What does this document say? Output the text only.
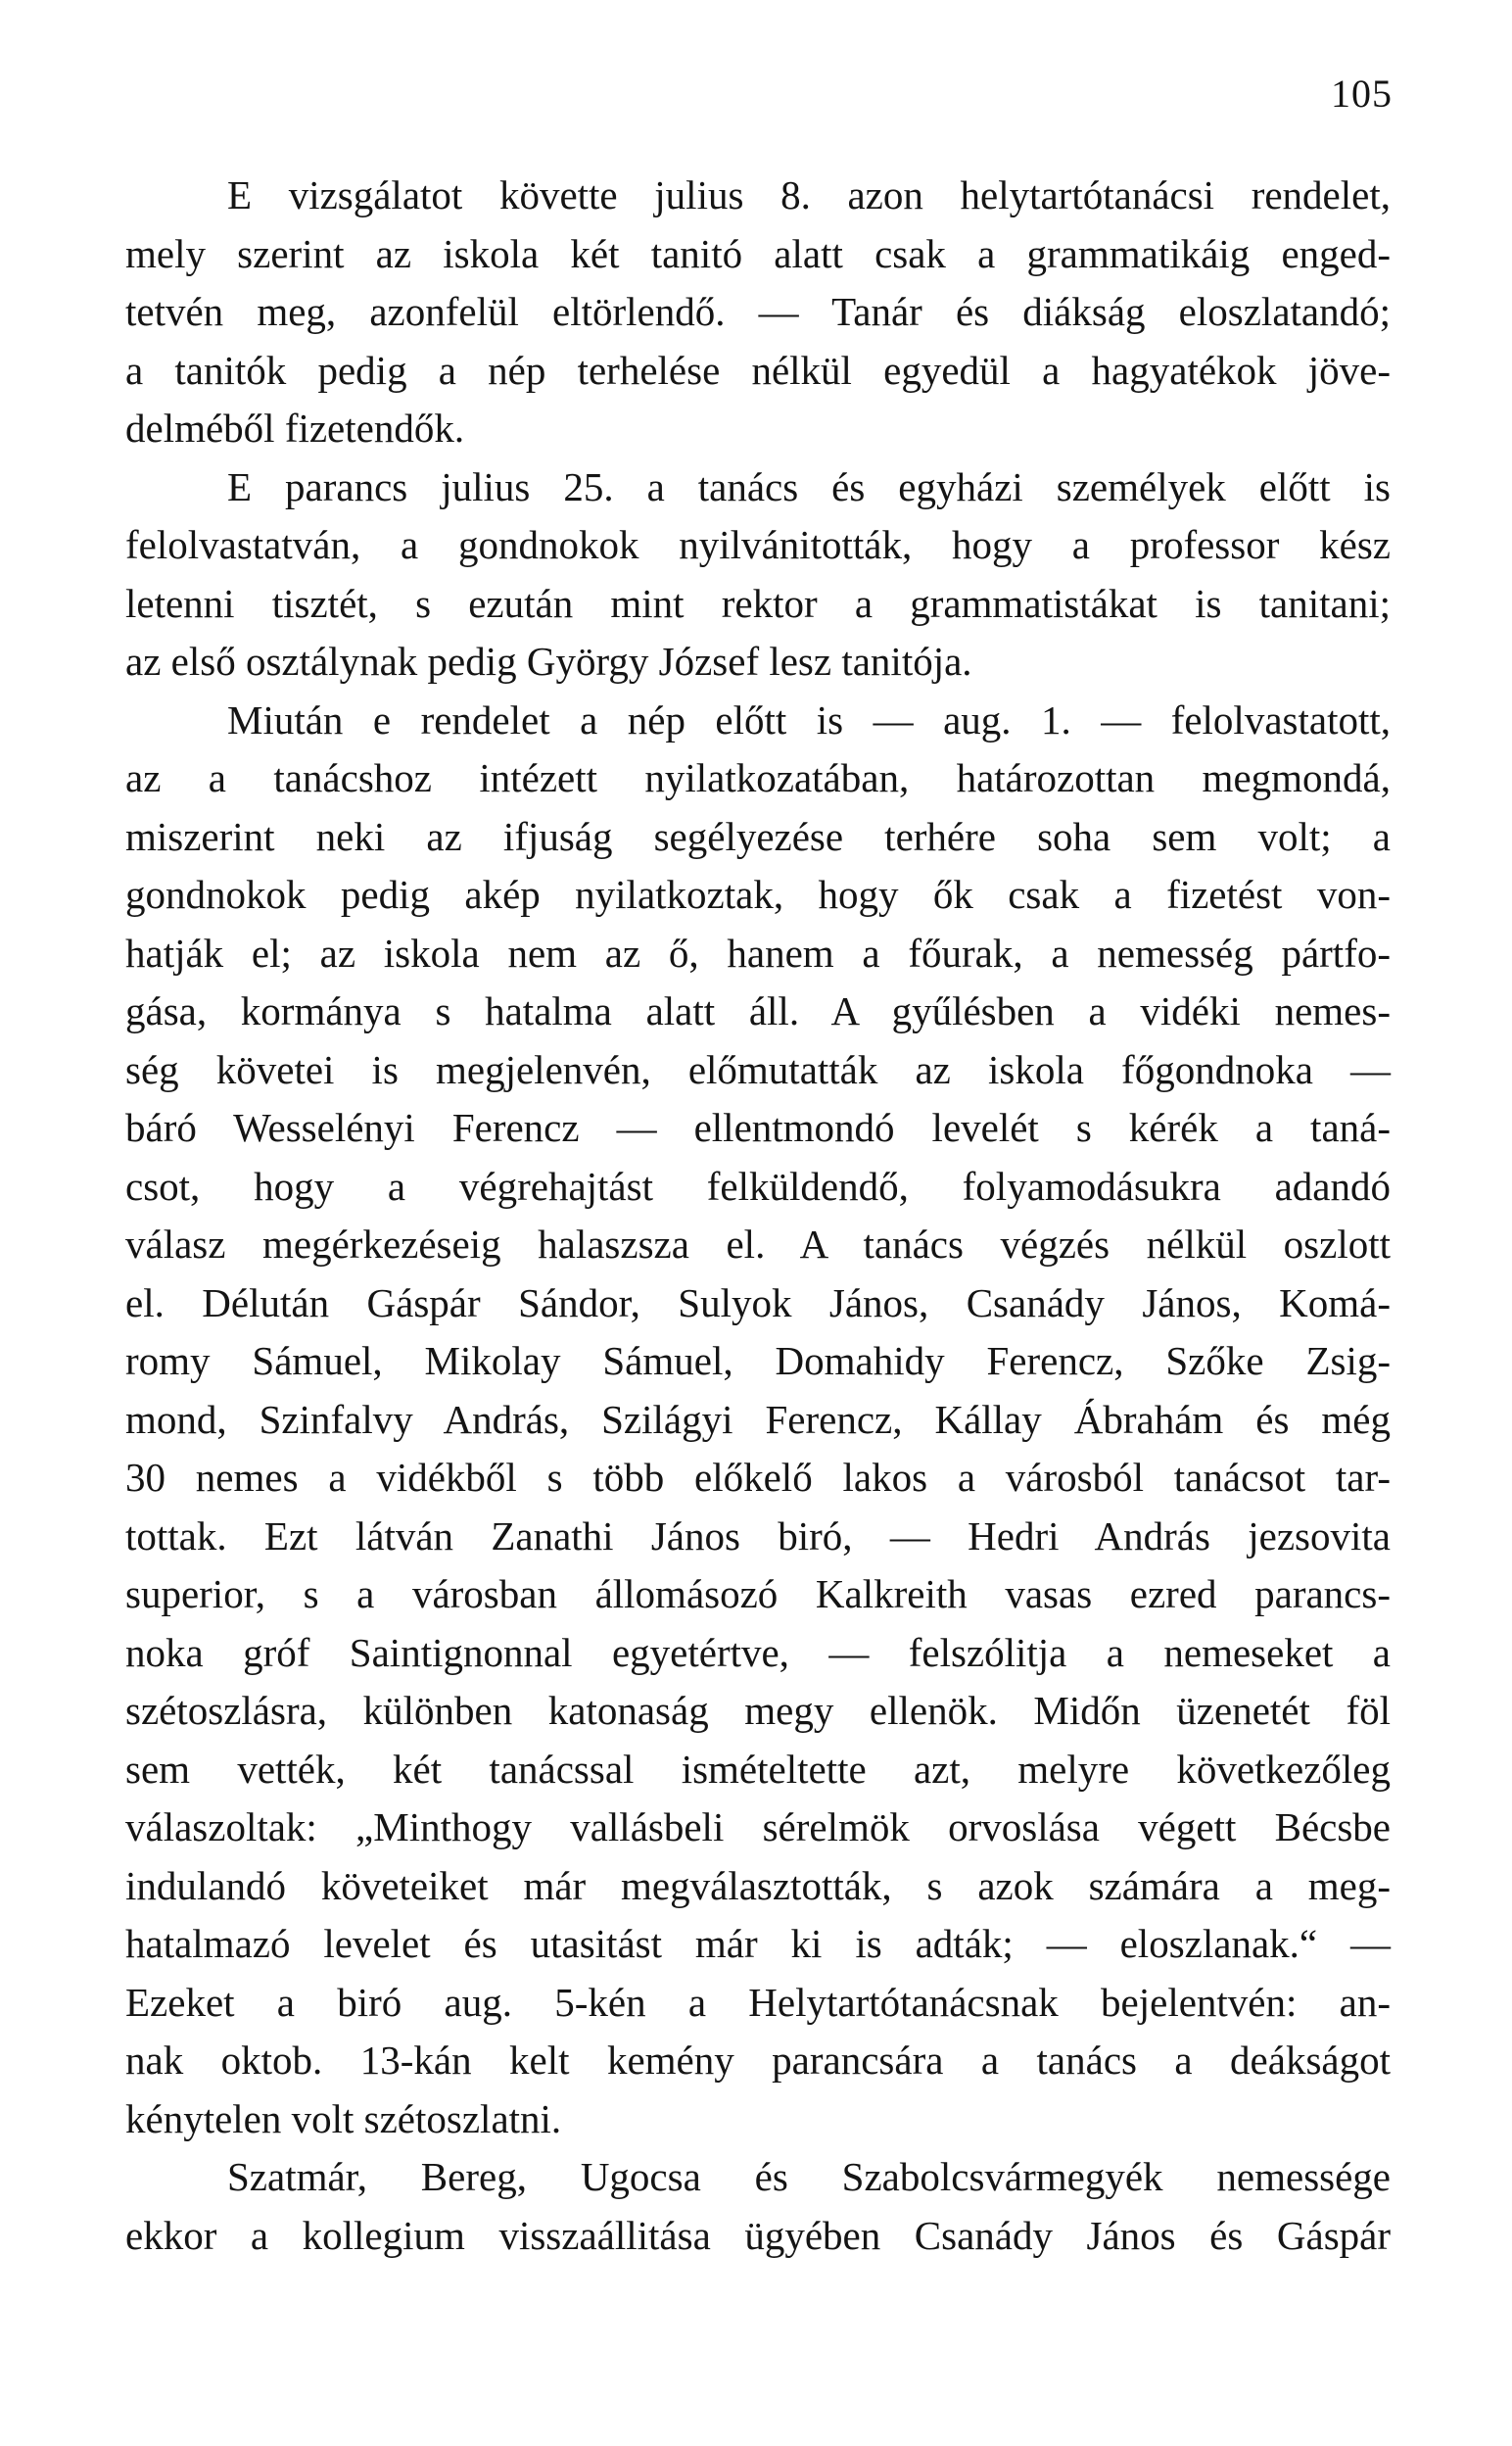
105
E vizsgálatot követte julius 8. azon helytartótanácsi rendelet,
mely szerint az iskola két tanitó alatt csak a grammatikáig enged-
tetvén meg, azonfelül eltörlendő. — Tanár és diákság eloszlatandó;
a tanitók pedig a nép terhelése nélkül egyedül a hagyatékok jöve-
delméből fizetendők.
E parancs julius 25. a tanács és egyházi személyek előtt is
felolvastatván, a gondnokok nyilvánitották, hogy a professor kész
letenni tisztét, s ezután mint rektor a grammatistákat is tanitani;
az első osztálynak pedig György József lesz tanitója.
Miután e rendelet a nép előtt is — aug. 1. — felolvastatott,
az a tanácshoz intézett nyilatkozatában, határozottan megmondá,
miszerint neki az ifjuság segélyezése terhére soha sem volt; a
gondnokok pedig akép nyilatkoztak, hogy ők csak a fizetést von-
hatják el; az iskola nem az ő, hanem a főurak, a nemesség pártfo-
gása, kormánya s hatalma alatt áll. A gyűlésben a vidéki nemes-
ség követei is megjelenvén, előmutatták az iskola főgondnoka —
báró Wesselényi Ferencz — ellentmondó levelét s kérék a taná-
csot, hogy a végrehajtást felküldendő, folyamodásukra adandó
válasz megérkezéseig halaszsza el. A tanács végzés nélkül oszlott
el. Délután Gáspár Sándor, Sulyok János, Csanády János, Komá-
romy Sámuel, Mikolay Sámuel, Domahidy Ferencz, Szőke Zsig-
mond, Szinfalvy András, Szilágyi Ferencz, Kállay Ábrahám és még
30 nemes a vidékből s több előkelő lakos a városból tanácsot tar-
tottak. Ezt látván Zanathi János biró, — Hedri András jezsovita
superior, s a városban állomásozó Kalkreith vasas ezred parancs-
noka gróf Saintignonnal egyetértve, — felszólitja a nemeseket a
szétoszlásra, különben katonaság megy ellenök. Midőn üzenetét föl
sem vették, két tanácssal ismételtette azt, melyre következőleg
válaszoltak: „Minthogy vallásbeli sérelmök orvoslása végett Bécsbe
indulandó követeiket már megválasztották, s azok számára a meg-
hatalmazó levelet és utasitást már ki is adták; — eloszlanak.“ —
Ezeket a biró aug. 5-kén a Helytartótanácsnak bejelentvén: an-
nak oktob. 13-kán kelt kemény parancsára a tanács a deákságot
kénytelen volt szétoszlatni.
Szatmár, Bereg, Ugocsa és Szabolcsvármegyék nemessége
ekkor a kollegium visszaállitása ügyében Csanády János és Gáspár
